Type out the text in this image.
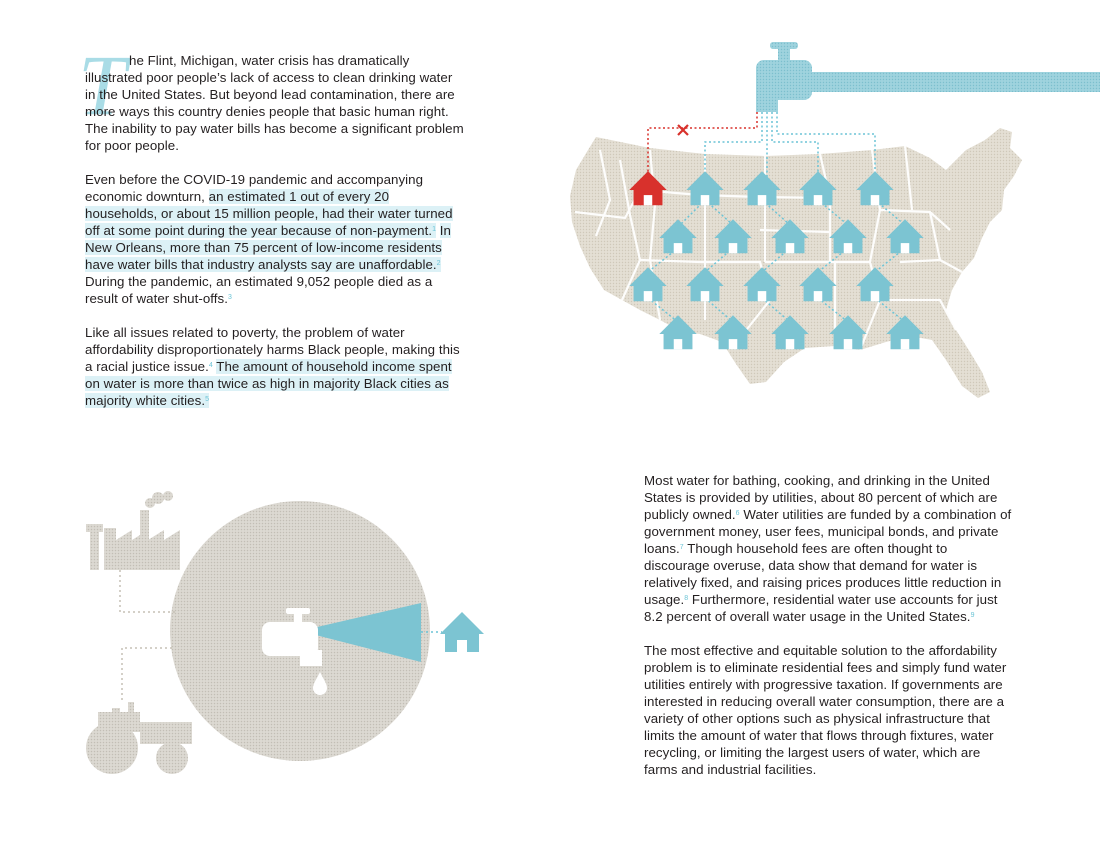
T he Flint, Michigan, water crisis has dramatically illustrated poor people’s lack of access to clean drinking water in the United States. But beyond lead contamination, there are more ways this country denies people that basic human right. The inability to pay water bills has become a significant problem for poor people.

Even before the COVID-19 pandemic and accompanying economic downturn, an estimated 1 out of every 20 households, or about 15 million people, had their water turned off at some point during the year because of non-payment.$^1$ In New Orleans, more than 75 percent of low-income residents have water bills that industry analysts say are unaffordable.$^2$ During the pandemic, an estimated 9,052 people died as a result of water shut-offs.$^3$

Like all issues related to poverty, the problem of water affordability disproportionately harms Black people, making this a racial justice issue.$^4$ The amount of household income spent on water is more than twice as high in majority Black cities as majority white cities.$^5$

Most water for bathing, cooking, and drinking in the United States is provided by utilities, about 80 percent of which are publicly owned.$^6$ Water utilities are funded by a combination of government money, user fees, municipal bonds, and private loans.$^7$ Though household fees are often thought to discourage overuse, data show that demand for water is relatively fixed, and raising prices produces little reduction in usage.$^8$ Furthermore, residential water use accounts for just 8.2 percent of overall water usage in the United States.$^9$

The most effective and equitable solution to the affordability problem is to eliminate residential fees and simply fund water utilities entirely with progressive taxation. If governments are interested in reducing overall water consumption, there are a variety of other options such as physical infrastructure that limits the amount of water that flows through fixtures, water recycling, or limiting the largest users of water, which are farms and industrial facilities.
